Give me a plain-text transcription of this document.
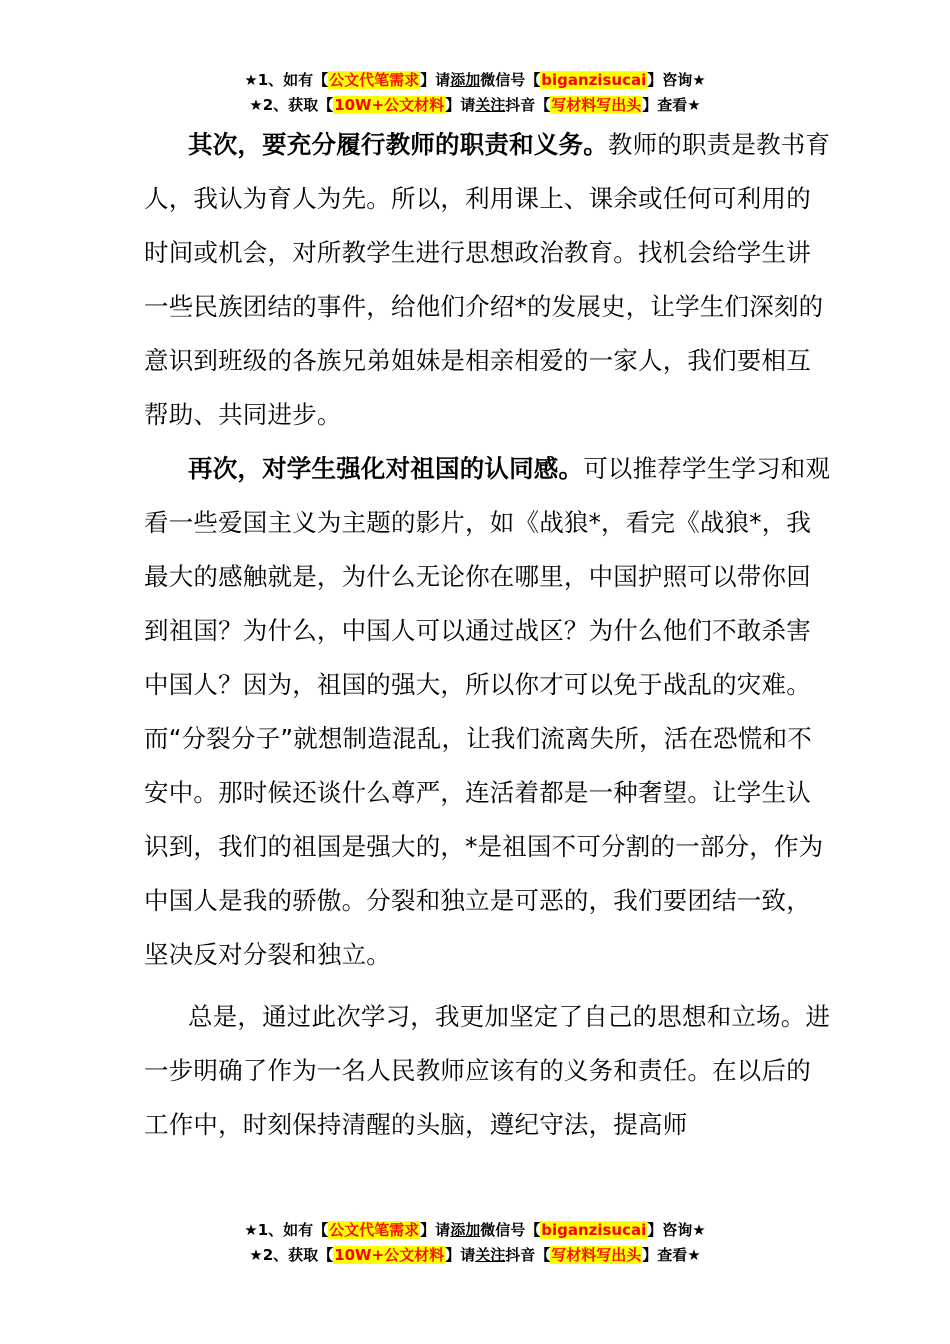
★1、如有【公文代笔需求】请添加微信号【biganzisucai】咨询★
★2、获取【10W+公文材料】请关注抖音【写材料写出头】查看★

其次，要充分履行教师的职责和义务。教师的职责是教书育人，我认为育人为先。所以，利用课上、课余或任何可利用的时间或机会，对所教学生进行思想政治教育。找机会给学生讲一些民族团结的事件，给他们介绍*的发展史，让学生们深刻的意识到班级的各族兄弟姐妹是相亲相爱的一家人，我们要相互帮助、共同进步。

再次，对学生强化对祖国的认同感。可以推荐学生学习和观看一些爱国主义为主题的影片，如《战狼*，看完《战狼*，我最大的感触就是，为什么无论你在哪里，中国护照可以带你回到祖国？为什么，中国人可以通过战区？为什么他们不敢杀害中国人？因为，祖国的强大，所以你才可以免于战乱的灾难。而“分裂分子”就想制造混乱，让我们流离失所，活在恐慌和不安中。那时候还谈什么尊严，连活着都是一种奢望。让学生认识到，我们的祖国是强大的，*是祖国不可分割的一部分，作为中国人是我的骄傲。分裂和独立是可恶的，我们要团结一致，坚决反对分裂和独立。

总是，通过此次学习，我更加坚定了自己的思想和立场。进一步明确了作为一名人民教师应该有的义务和责任。在以后的工作中，时刻保持清醒的头脑，遵纪守法，提高师

★1、如有【公文代笔需求】请添加微信号【biganzisucai】咨询★
★2、获取【10W+公文材料】请关注抖音【写材料写出头】查看★
